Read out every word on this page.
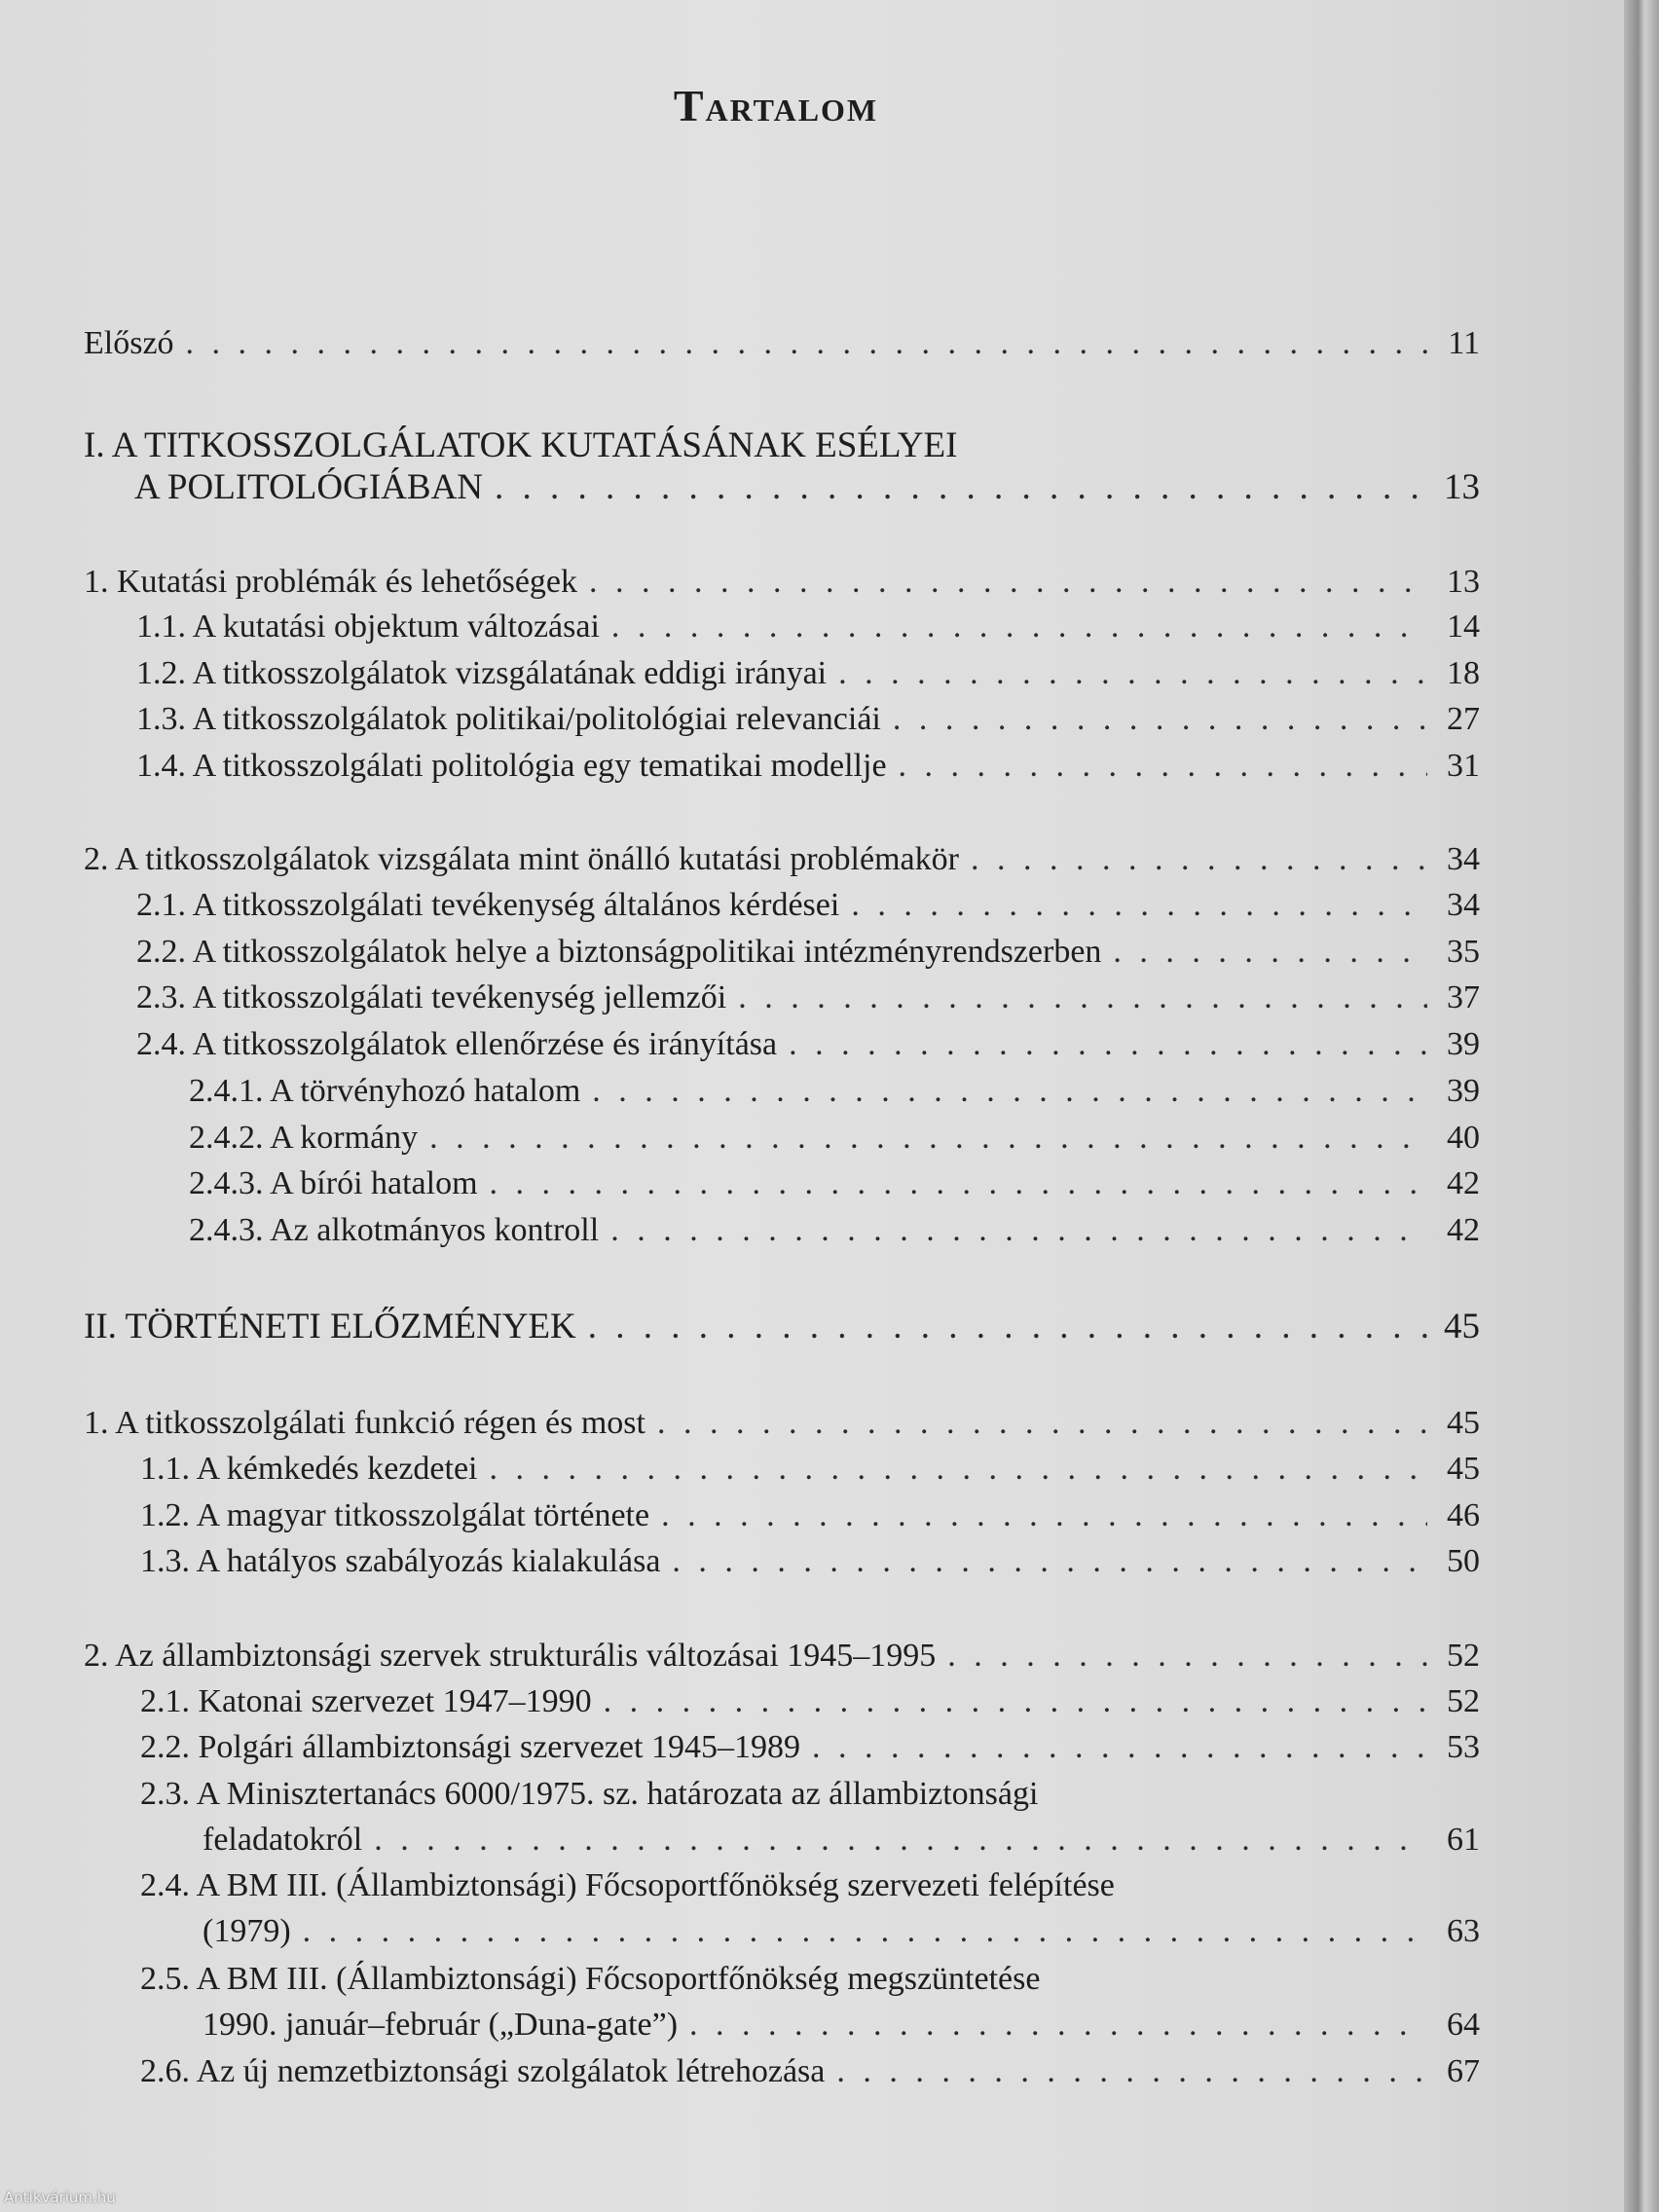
Tartalom
Előszó . . .	11
I. A TITKOSSZOLGÁLATOK KUTATÁSÁNAK ESÉLYEI
A POLITOLÓGIÁBAN . . .	13
1. Kutatási problémák és lehetőségek . . .	13
1.1. A kutatási objektum változásai . . .	14
1.2. A titkosszolgálatok vizsgálatának eddigi irányai . . .	18
1.3. A titkosszolgálatok politikai/politológiai relevanciái . . .	27
1.4. A titkosszolgálati politológia egy tematikai modellje . . .	31
2. A titkosszolgálatok vizsgálata mint önálló kutatási problémakör . . .	34
2.1. A titkosszolgálati tevékenység általános kérdései . . .	34
2.2. A titkosszolgálatok helye a biztonságpolitikai intézményrendszerben . . .	35
2.3. A titkosszolgálati tevékenység jellemzői . . .	37
2.4. A titkosszolgálatok ellenőrzése és irányítása . . .	39
2.4.1. A törvényhozó hatalom . . .	39
2.4.2. A kormány . . .	40
2.4.3. A bírói hatalom . . .	42
2.4.3. Az alkotmányos kontroll . . .	42
II. TÖRTÉNETI ELŐZMÉNYEK . . .	45
1. A titkosszolgálati funkció régen és most . . .	45
1.1. A kémkedés kezdetei . . .	45
1.2. A magyar titkosszolgálat története . . .	46
1.3. A hatályos szabályozás kialakulása . . .	50
2. Az állambiztonsági szervek strukturális változásai 1945–1995 . . .	52
2.1. Katonai szervezet 1947–1990 . . .	52
2.2. Polgári állambiztonsági szervezet 1945–1989 . . .	53
2.3. A Minisztertanács 6000/1975. sz. határozata az állambiztonsági
feladatokról . . .	61
2.4. A BM III. (Állambiztonsági) Főcsoportfőnökség szervezeti felépítése
(1979) . . .	63
2.5. A BM III. (Állambiztonsági) Főcsoportfőnökség megszüntetése
1990. január–február („Duna-gate”) . . .	64
2.6. Az új nemzetbiztonsági szolgálatok létrehozása . . .	67
Antikvárium.hu
